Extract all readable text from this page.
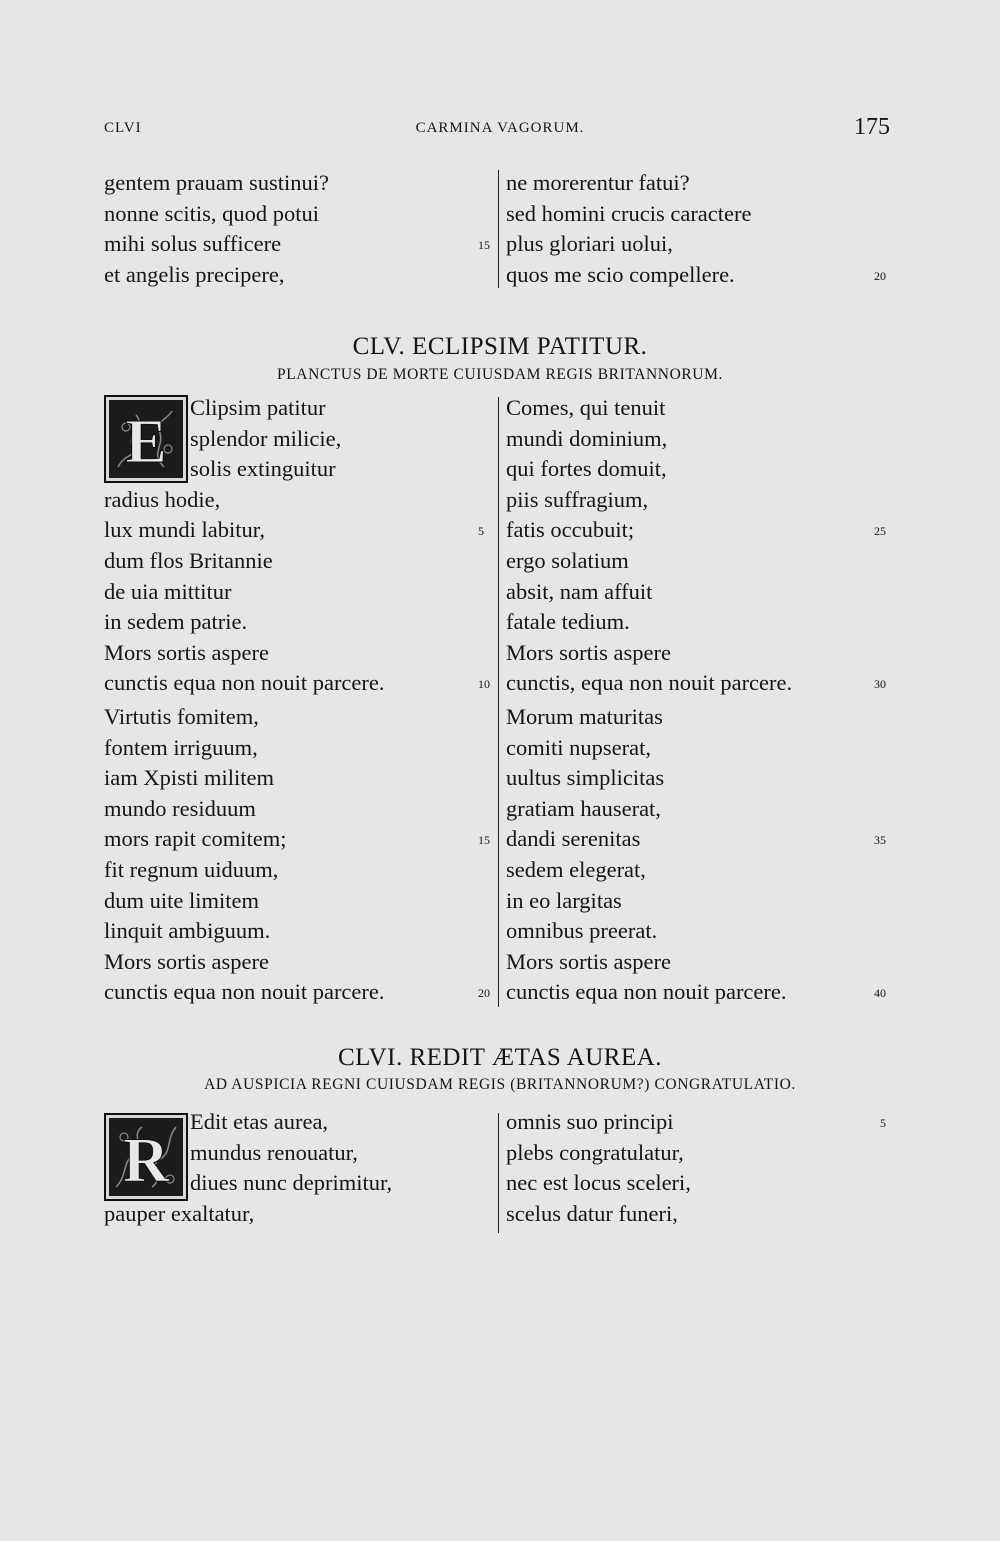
CLVI	CARMINA VAGORUM.	175
gentem prauam sustinui?
nonne scitis, quod potui
mihi solus sufficere	15
et angelis precipere,
ne morerentur fatui?
sed homini crucis caractere
plus gloriari uolui,
quos me scio compellere.	20
CLV. ECLIPSIM PATITUR.
PLANCTUS DE MORTE CUIUSDAM REGIS BRITANNORUM.
E
Clipsim patitur
splendor milicie,
solis extinguitur
radius hodie,
lux mundi labitur,	5
dum flos Britannie
de uia mittitur
in sedem patrie.
Mors sortis aspere
cunctis equa non nouit parcere.	10
Virtutis fomitem,
fontem irriguum,
iam Xpisti militem
mundo residuum
mors rapit comitem;	15
fit regnum uiduum,
dum uite limitem
linquit ambiguum.
Mors sortis aspere
cunctis equa non nouit parcere.	20
Comes, qui tenuit
mundi dominium,
qui fortes domuit,
piis suffragium,
fatis occubuit;	25
ergo solatium
absit, nam affuit
fatale tedium.
Mors sortis aspere
cunctis, equa non nouit parcere.	30
Morum maturitas
comiti nupserat,
uultus simplicitas
gratiam hauserat,
dandi serenitas	35
sedem elegerat,
in eo largitas
omnibus preerat.
Mors sortis aspere
cunctis equa non nouit parcere.	40
CLVI. REDIT ÆTAS AUREA.
AD AUSPICIA REGNI CUIUSDAM REGIS (BRITANNORUM?) CONGRATULATIO.
R
Edit etas aurea,
mundus renouatur,
diues nunc deprimitur,
pauper exaltatur,
omnis suo principi	5
plebs congratulatur,
nec est locus sceleri,
scelus datur funeri,
